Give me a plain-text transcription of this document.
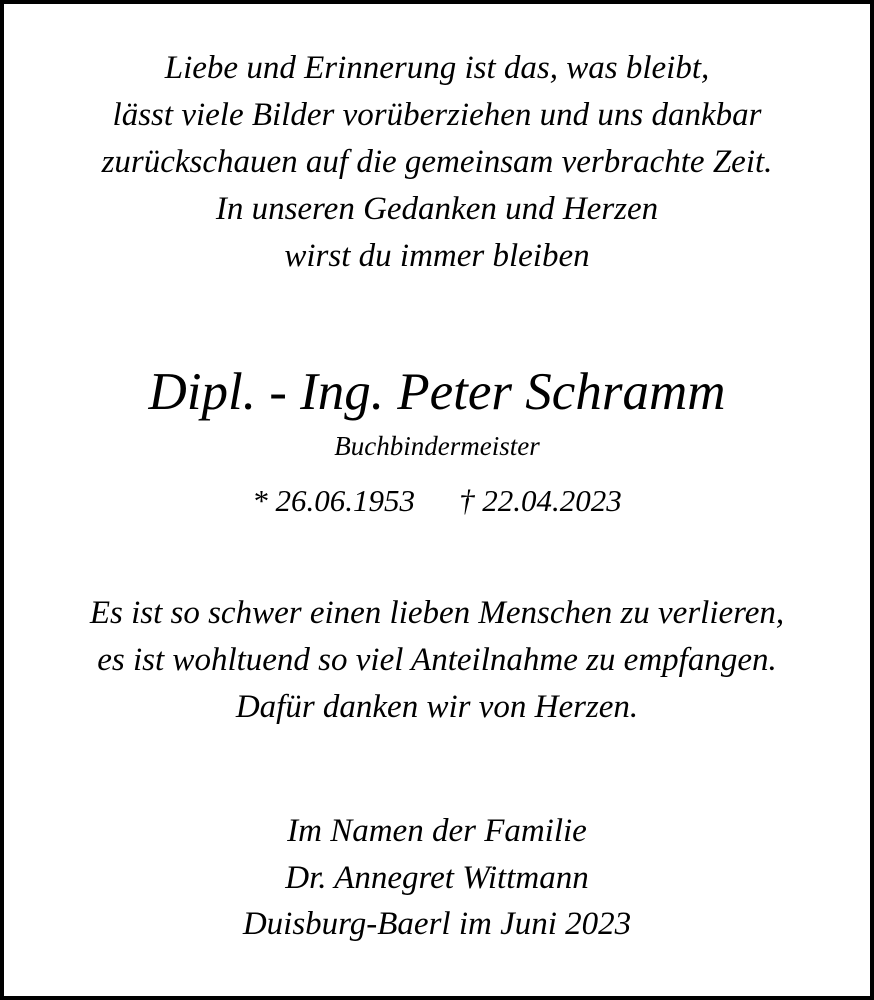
Liebe und Erinnerung ist das, was bleibt,

lässt viele Bilder vorüberziehen und uns dankbar

zurückschauen auf die gemeinsam verbrachte Zeit.

In unseren Gedanken und Herzen

wirst du immer bleiben

Dipl. - Ing. Peter Schramm

Buchbindermeister

* 26.06.1953 † 22.04.2023

Es ist so schwer einen lieben Menschen zu verlieren,

es ist wohltuend so viel Anteilnahme zu empfangen.

Dafür danken wir von Herzen.

Im Namen der Familie

Dr. Annegret Wittmann

Duisburg-Baerl im Juni 2023
